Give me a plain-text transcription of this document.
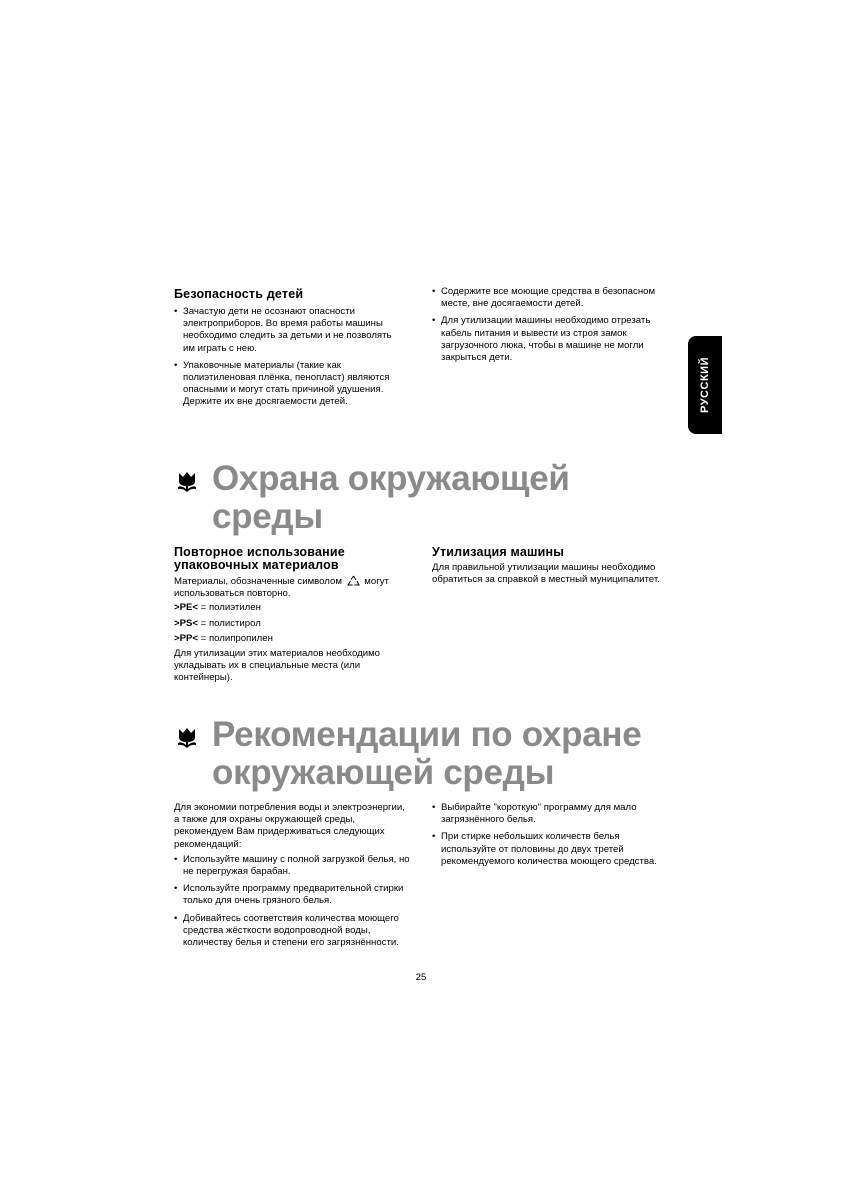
РУССКИЙ
Безопасность детей
• Зачастую дети не осознают опасности электроприборов. Во время работы машины необходимо следить за детьми и не позволять им играть с нею.
• Упаковочные материалы (такие как полиэтиленовая плёнка, пенопласт) являются опасными и могут стать причиной удушения. Держите их вне досягаемости детей.
• Содержите все моющие средства в безопасном месте, вне досягаемости детей.
• Для утилизации машины необходимо отрезать кабель питания и вывести из строя замок загрузочного люка, чтобы в машине не могли закрыться дети.
Охрана окружающей
среды
Повторное использование
упаковочных материалов
Материалы, обозначенные символом могут использоваться повторно.
>PE< = полиэтилен
>PS< = полистирол
>PP< = полипропилен
Для утилизации этих материалов необходимо укладывать их в специальные места (или контейнеры).
Утилизация машины
Для правильной утилизации машины необходимо обратиться за справкой в местный муниципалитет.
Рекомендации по охране
окружающей среды
Для экономии потребления воды и электроэнергии, а также для охраны окружающей среды, рекомендуем Вам придерживаться следующих рекомендаций:
• Используйте машину с полной загрузкой белья, но не перегружая барабан.
• Используйте программу предварительной стирки только для очень грязного белья.
• Добивайтесь соответствия количества моющего средства жёсткости водопроводной воды, количеству белья и степени его загрязнённости.
• Выбирайте "короткую" программу для мало загрязнённого белья.
• При стирке небольших количеств белья используйте от половины до двух третей рекомендуемого количества моющего средства.
25
